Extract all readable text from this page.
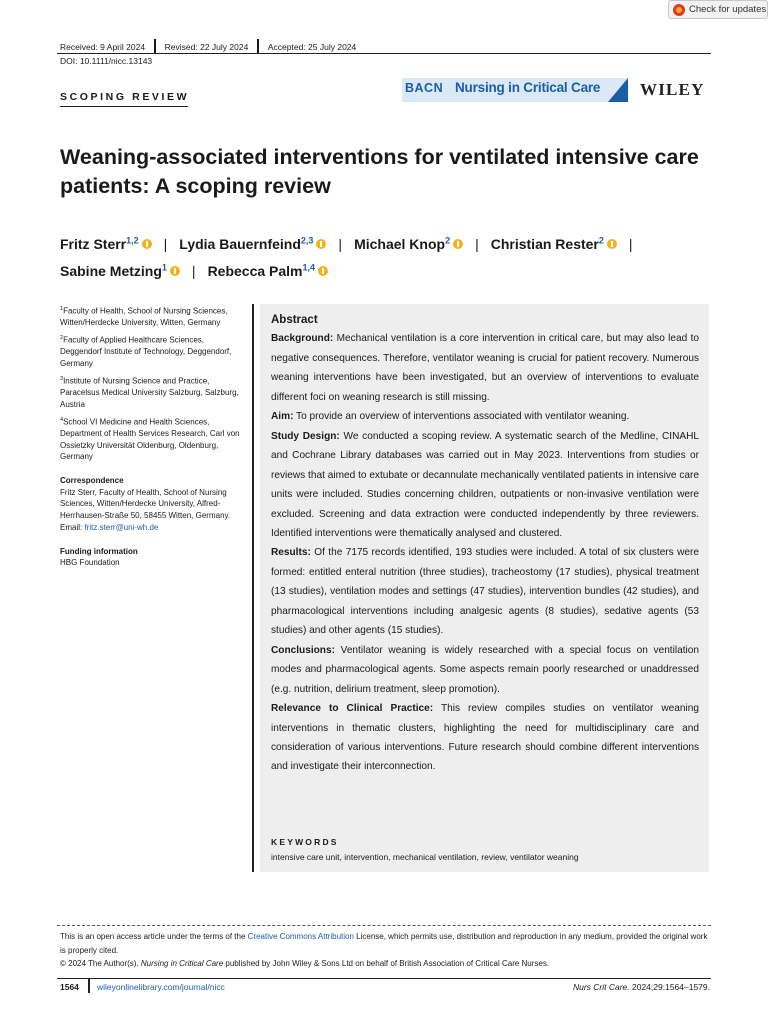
Check for updates
Received: 9 April 2024 Revised: 22 July 2024 Accepted: 25 July 2024
DOI: 10.1111/nicc.13143
SCOPING REVIEW
BACN Nursing in Critical Care WILEY
Weaning-associated interventions for ventilated intensive care patients: A scoping review
Fritz Sterr$^{1,2}$ | Lydia Bauernfeind$^{2,3}$ | Michael Knop$^2$ | Christian Rester$^2$ |
Sabine Metzing$^1$ | Rebecca Palm$^{1,4}$
$^1$Faculty of Health, School of Nursing Sciences, Witten/Herdecke University, Witten, Germany
$^2$Faculty of Applied Healthcare Sciences, Deggendorf Institute of Technology, Deggendorf, Germany
$^3$Institute of Nursing Science and Practice, Paracelsus Medical University Salzburg, Salzburg, Austria
$^4$School VI Medicine and Health Sciences, Department of Health Services Research, Carl von Ossietzky Universität Oldenburg, Oldenburg, Germany
Correspondence
Fritz Sterr, Faculty of Health, School of Nursing Sciences, Witten/Herdecke University, Alfred-Herrhausen-Straße 50, 58455 Witten, Germany.
Email: fritz.sterr@uni-wh.de
Funding information
HBG Foundation
Abstract

Background: Mechanical ventilation is a core intervention in critical care, but may also lead to negative consequences. Therefore, ventilator weaning is crucial for patient recovery. Numerous weaning interventions have been investigated, but an overview of interventions to evaluate different foci on weaning research is still missing.

Aim: To provide an overview of interventions associated with ventilator weaning.

Study Design: We conducted a scoping review. A systematic search of the Medline, CINAHL and Cochrane Library databases was carried out in May 2023. Interventions from studies or reviews that aimed to extubate or decannulate mechanically ventilated patients in intensive care units were included. Studies concerning children, outpatients or non-invasive ventilation were excluded. Screening and data extraction were conducted independently by three reviewers. Identified interventions were thematically analysed and clustered.

Results: Of the 7175 records identified, 193 studies were included. A total of six clusters were formed: entitled enteral nutrition (three studies), tracheostomy (17 studies), physical treatment (13 studies), ventilation modes and settings (47 studies), intervention bundles (42 studies), and pharmacological interventions including analgesic agents (8 studies), sedative agents (53 studies) and other agents (15 studies).

Conclusions: Ventilator weaning is widely researched with a special focus on ventilation modes and pharmacological agents. Some aspects remain poorly researched or unaddressed (e.g. nutrition, delirium treatment, sleep promotion).

Relevance to Clinical Practice: This review compiles studies on ventilator weaning interventions in thematic clusters, highlighting the need for multidisciplinary care and consideration of various interventions. Future research should combine different interventions and investigate their interconnection.

KEYWORDS
intensive care unit, intervention, mechanical ventilation, review, ventilator weaning
This is an open access article under the terms of the Creative Commons Attribution License, which permits use, distribution and reproduction in any medium, provided the original work is properly cited.
© 2024 The Author(s). Nursing in Critical Care published by John Wiley & Sons Ltd on behalf of British Association of Critical Care Nurses.
1564 wileyonlinelibrary.com/journal/nicc	Nurs Crit Care. 2024;29:1564–1579.
